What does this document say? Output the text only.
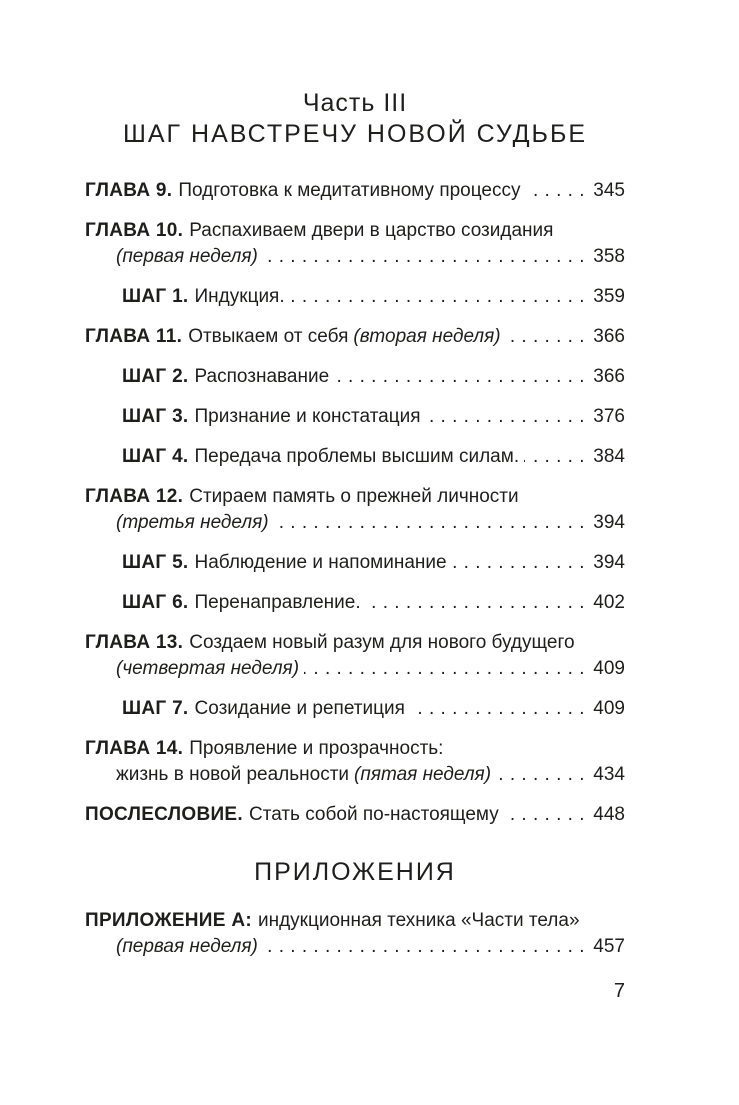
Часть III
ШАГ НАВСТРЕЧУ НОВОЙ СУДЬБЕ
ГЛАВА 9. Подготовка к медитативному процессу . . .	345
ГЛАВА 10. Распахиваем двери в царство созидания
(первая неделя) . . .	358
ШАГ 1. Индукция. . . .	359
ГЛАВА 11. Отвыкаем от себя (вторая неделя) . . .	366
ШАГ 2. Распознавание . . .	366
ШАГ 3. Признание и констатация . . .	376
ШАГ 4. Передача проблемы высшим силам. . . .	384
ГЛАВА 12. Стираем память о прежней личности
(третья неделя) . . .	394
ШАГ 5. Наблюдение и напоминание . . .	394
ШАГ 6. Перенаправление. . . .	402
ГЛАВА 13. Создаем новый разум для нового будущего
(четвертая неделя) . . .	409
ШАГ 7. Созидание и репетиция . . .	409
ГЛАВА 14. Проявление и прозрачность:
жизнь в новой реальности (пятая неделя) . . .	434
ПОСЛЕСЛОВИЕ. Стать собой по-настоящему . . .	448
ПРИЛОЖЕНИЯ
ПРИЛОЖЕНИЕ А: индукционная техника «Части тела»
(первая неделя) . . .	457
7
